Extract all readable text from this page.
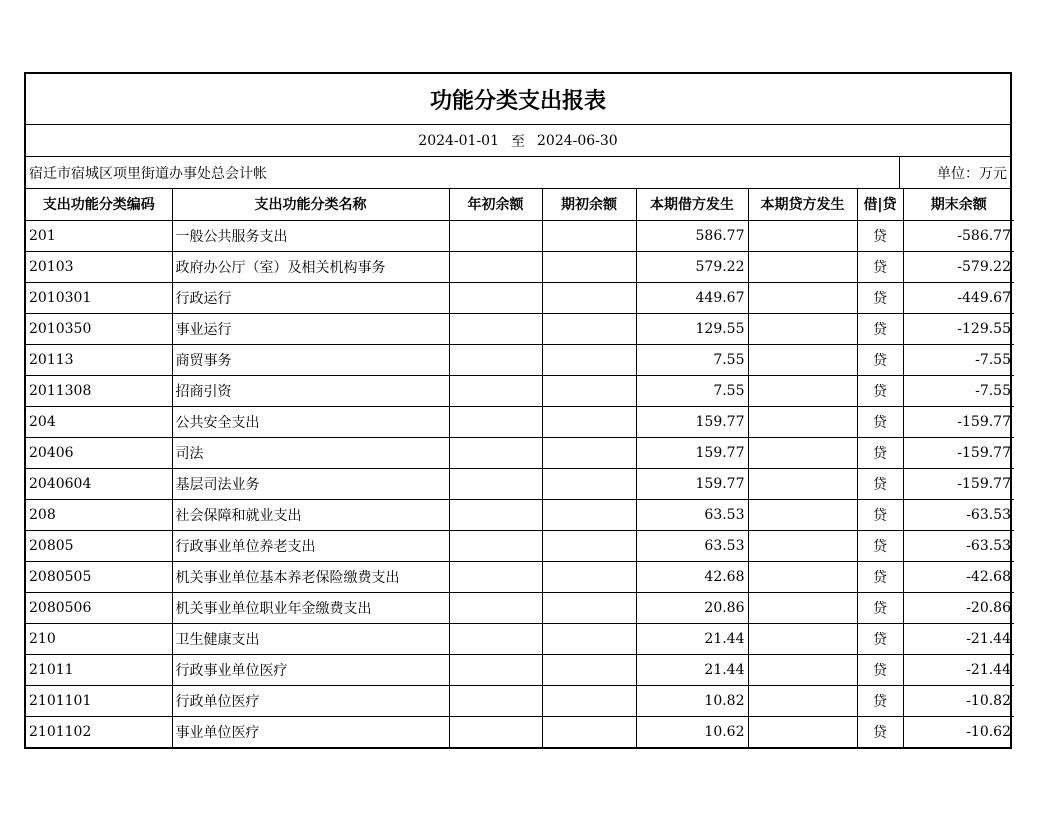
功能分类支出报表
2024-01-01 至 2024-06-30
宿迁市宿城区项里街道办事处总会计帐	单位：万元
支出功能分类编码	支出功能分类名称	年初余额	期初余额	本期借方发生	本期贷方发生	借|贷	期末余额
201	一般公共服务支出			586.77		贷	-586.77
20103	政府办公厅（室）及相关机构事务			579.22		贷	-579.22
2010301	行政运行			449.67		贷	-449.67
2010350	事业运行			129.55		贷	-129.55
20113	商贸事务			7.55		贷	-7.55
2011308	招商引资			7.55		贷	-7.55
204	公共安全支出			159.77		贷	-159.77
20406	司法			159.77		贷	-159.77
2040604	基层司法业务			159.77		贷	-159.77
208	社会保障和就业支出			63.53		贷	-63.53
20805	行政事业单位养老支出			63.53		贷	-63.53
2080505	机关事业单位基本养老保险缴费支出			42.68		贷	-42.68
2080506	机关事业单位职业年金缴费支出			20.86		贷	-20.86
210	卫生健康支出			21.44		贷	-21.44
21011	行政事业单位医疗			21.44		贷	-21.44
2101101	行政单位医疗			10.82		贷	-10.82
2101102	事业单位医疗			10.62		贷	-10.62
